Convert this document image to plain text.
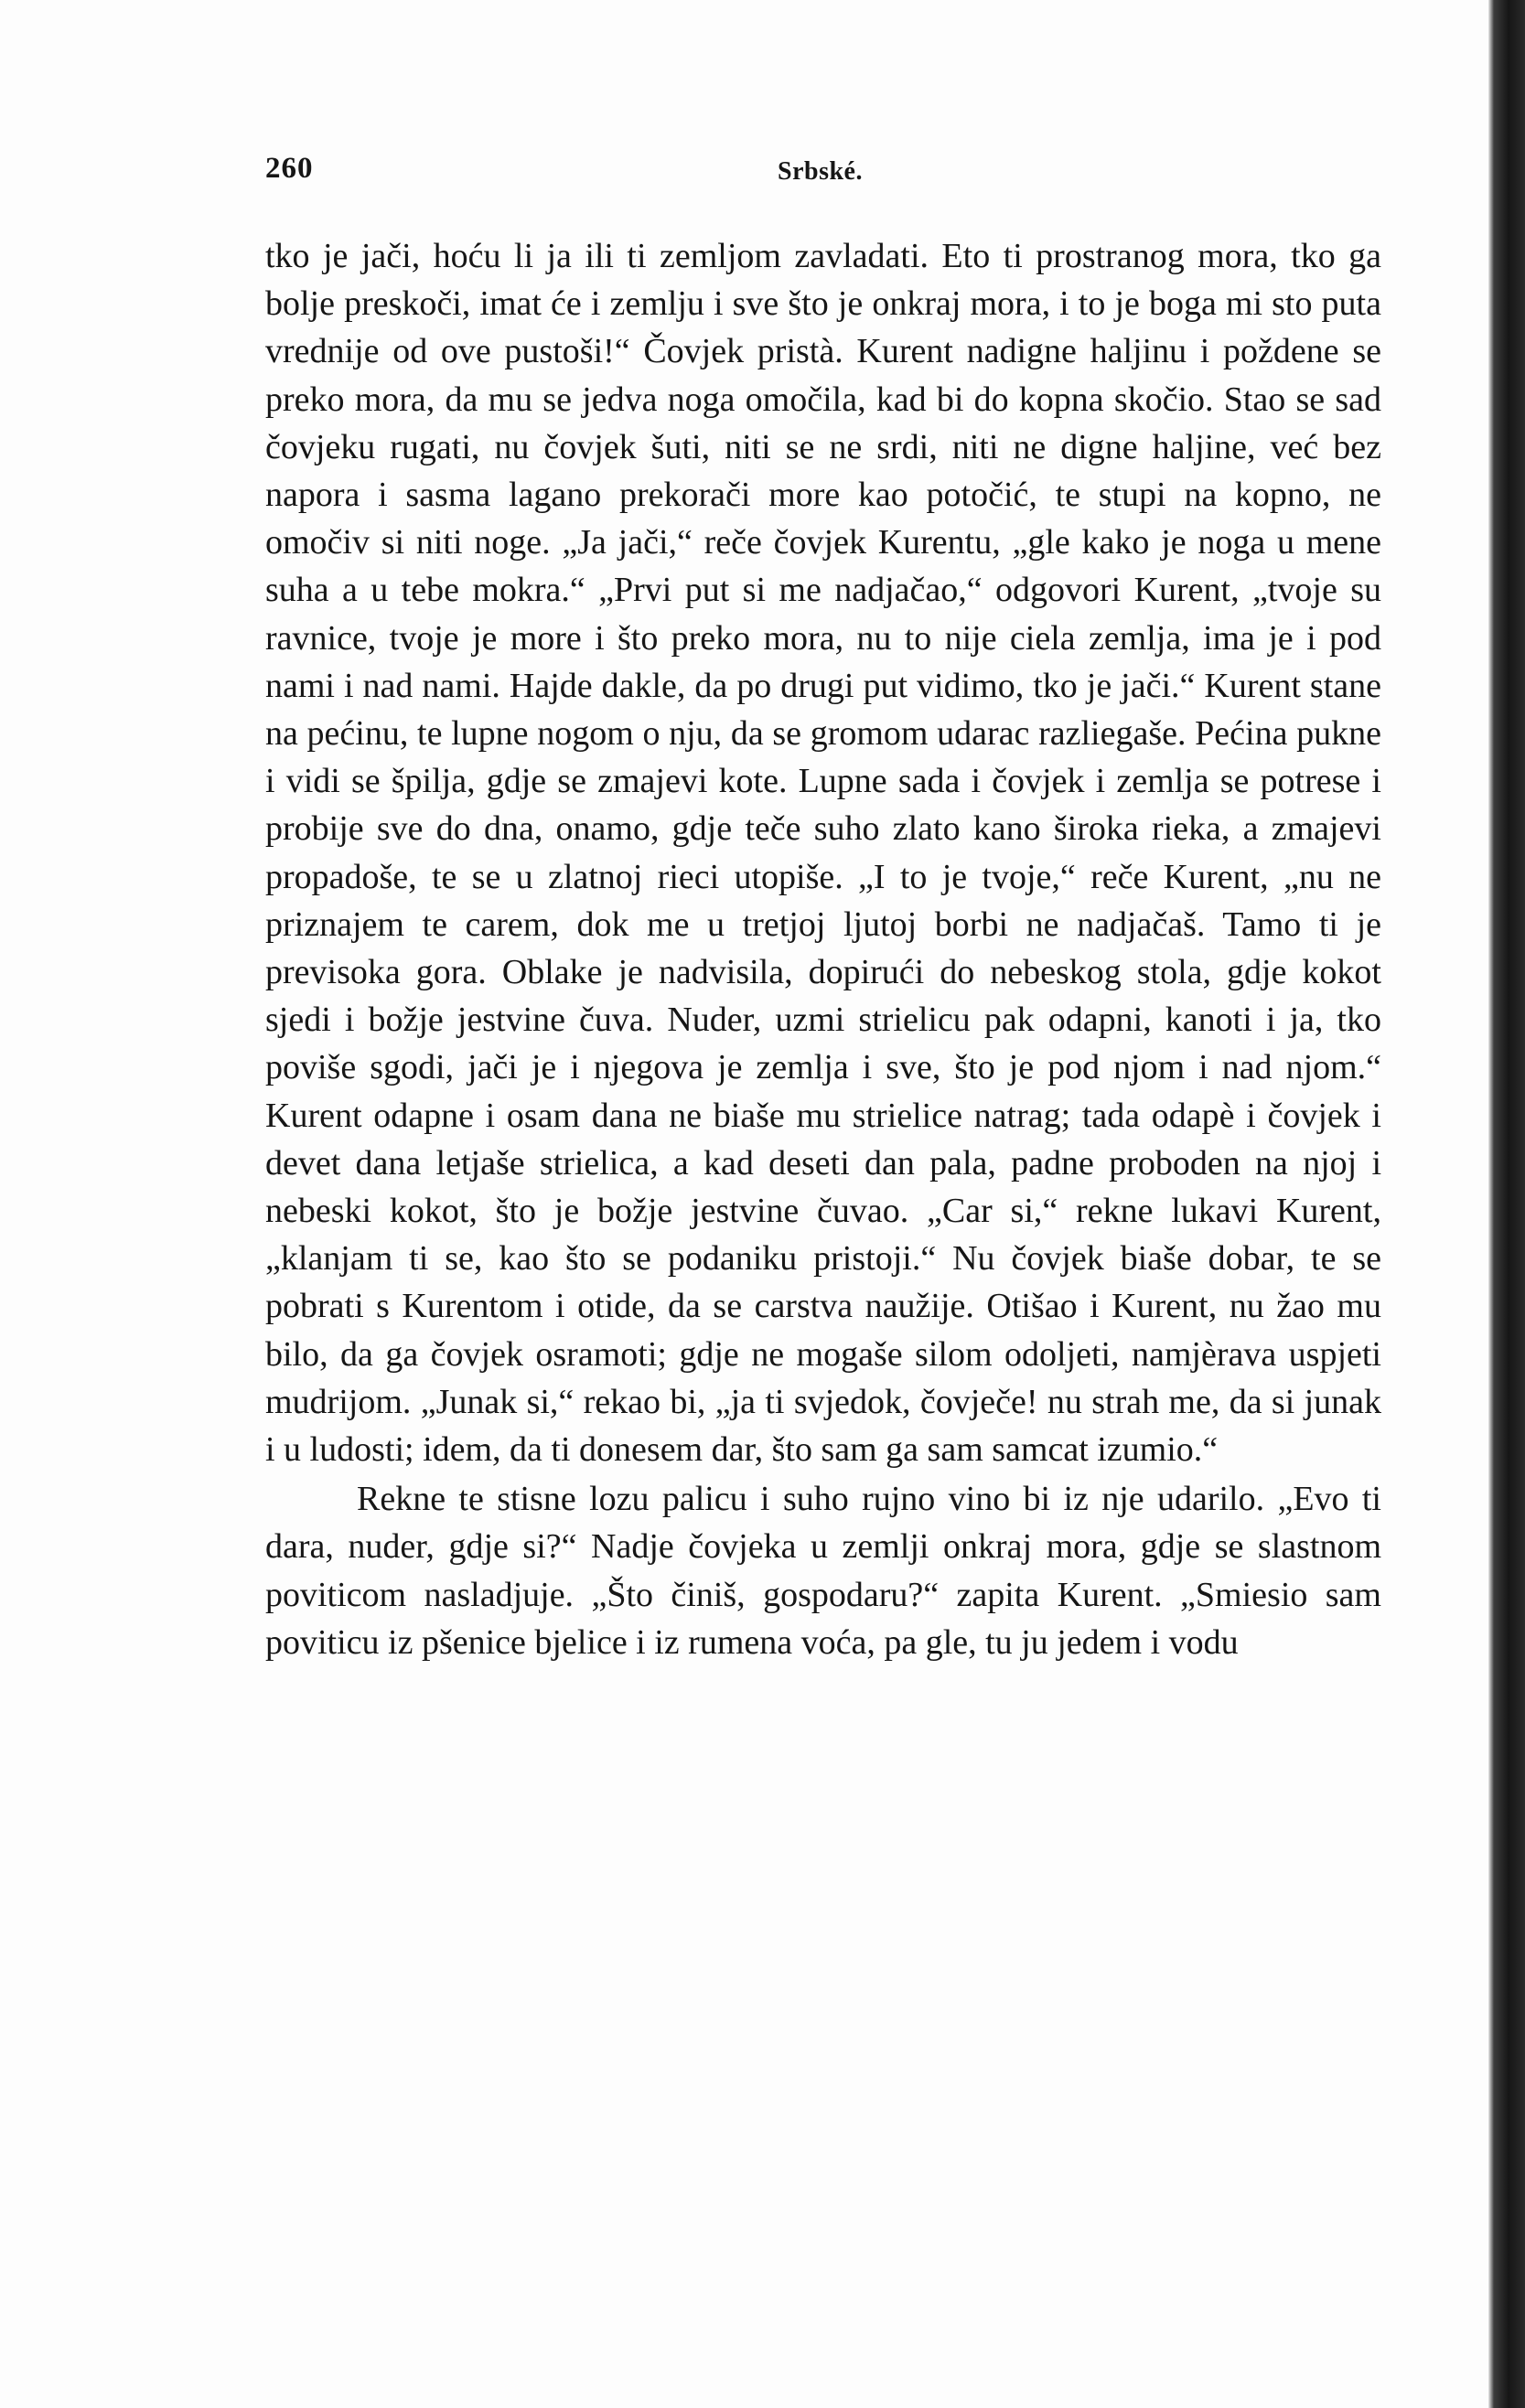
260	Srbské.

tko je jači, hoću li ja ili ti zemljom zavladati. Eto ti prostranog mora, tko ga bolje preskoči, imat će i zemlju i sve što je onkraj mora, i to je boga mi sto puta vrednije od ove pustoši!“ Čovjek pristà. Kurent nadigne haljinu i poždene se preko mora, da mu se jedva noga omočila, kad bi do kopna skočio. Stao se sad čovjeku rugati, nu čovjek šuti, niti se ne srdi, niti ne digne haljine, već bez napora i sasma lagano prekorači more kao potočić, te stupi na kopno, ne omočiv si niti noge. „Ja jači,“ reče čovjek Kurentu, „gle kako je noga u mene suha a u tebe mokra.“ „Prvi put si me nadjačao,“ odgovori Kurent, „tvoje su ravnice, tvoje je more i što preko mora, nu to nije ciela zemlja, ima je i pod nami i nad nami. Hajde dakle, da po drugi put vidimo, tko je jači.“ Kurent stane na pećinu, te lupne nogom o nju, da se gromom udarac razliegaše. Pećina pukne i vidi se špilja, gdje se zmajevi kote. Lupne sada i čovjek i zemlja se potrese i probije sve do dna, onamo, gdje teče suho zlato kano široka rieka, a zmajevi propadoše, te se u zlatnoj rieci utopiše. „I to je tvoje,“ reče Kurent, „nu ne priznajem te carem, dok me u tretjoj ljutoj borbi ne nadjačaš. Tamo ti je previsoka gora. Oblake je nadvisila, dopirući do nebeskog stola, gdje kokot sjedi i božje jestvine čuva. Nuder, uzmi strielicu pak odapni, kanoti i ja, tko poviše sgodi, jači je i njegova je zemlja i sve, što je pod njom i nad njom.“ Kurent odapne i osam dana ne biaše mu strielice natrag; tada odapè i čovjek i devet dana letjaše strielica, a kad deseti dan pala, padne proboden na njoj i nebeski kokot, što je božje jestvine čuvao. „Car si,“ rekne lukavi Kurent, „klanjam ti se, kao što se podaniku pristoji.“ Nu čovjek biaše dobar, te se pobrati s Kurentom i otide, da se carstva naužije. Otišao i Kurent, nu žao mu bilo, da ga čovjek osramoti; gdje ne mogaše silom odoljeti, namjèrava uspjeti mudrijom. „Junak si,“ rekao bi, „ja ti svjedok, čovječe! nu strah me, da si junak i u ludosti; idem, da ti donesem dar, što sam ga sam samcat izumio.“

Rekne te stisne lozu palicu i suho rujno vino bi iz nje udarilo. „Evo ti dara, nuder, gdje si?“ Nadje čovjeka u zemlji onkraj mora, gdje se slastnom poviticom nasladjuje. „Što činiš, gospodaru?“ zapita Kurent. „Smiesio sam poviticu iz pšenice bjelice i iz rumena voća, pa gle, tu ju jedem i vodu
